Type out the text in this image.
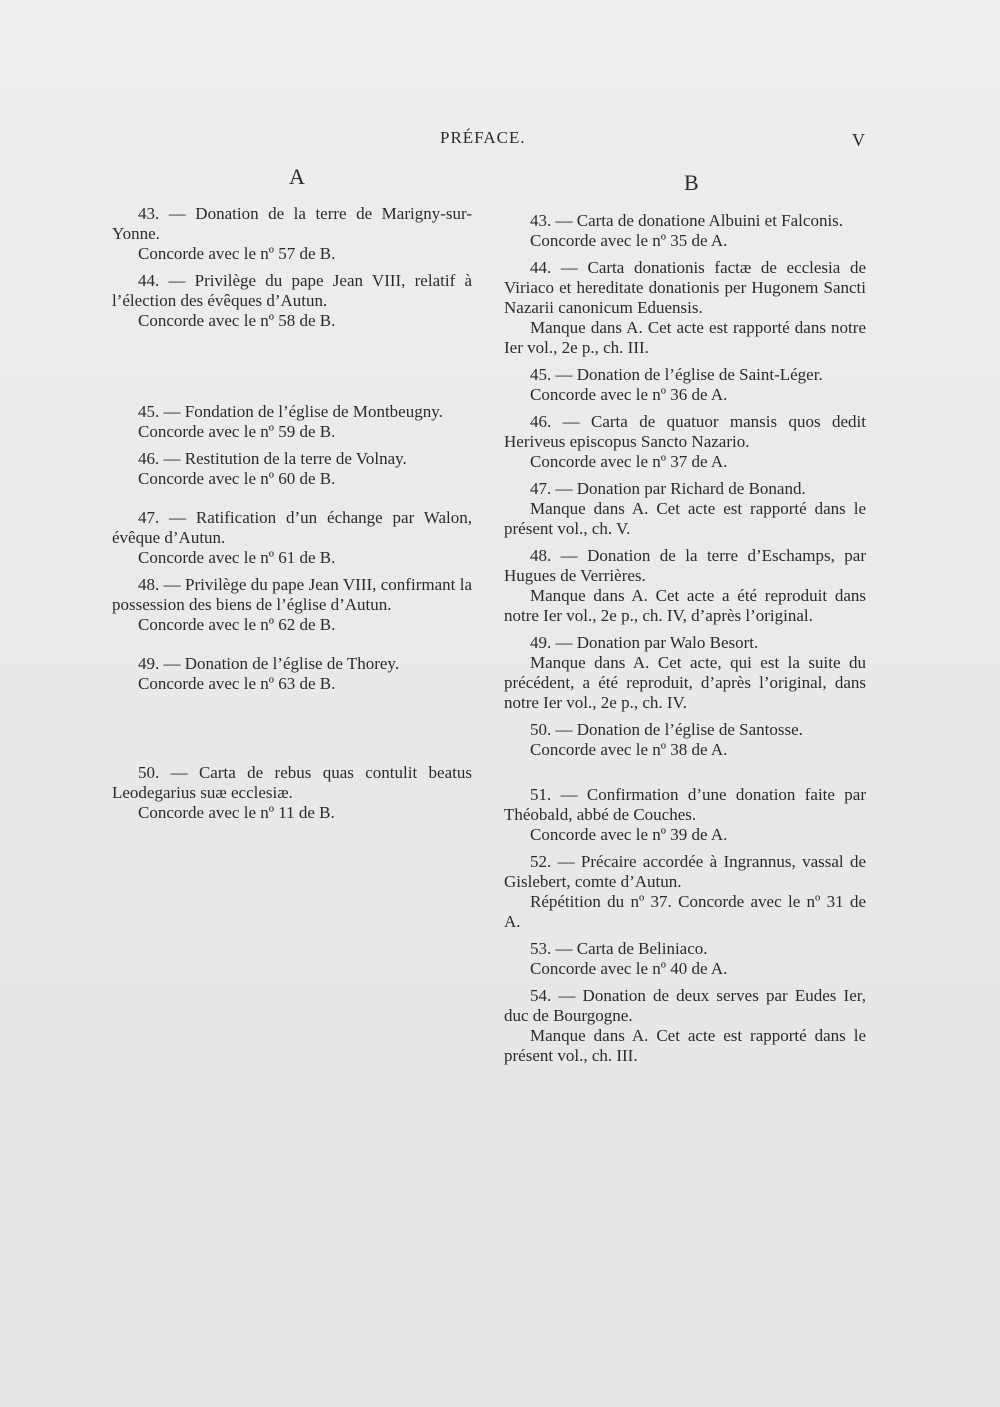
PRÉFACE.	V
A	B

43. — Donation de la terre de Marigny-sur-Yonne.

Concorde avec le nº 57 de B.

44. — Privilège du pape Jean VIII, relatif à l’élection des évêques d’Autun.

Concorde avec le nº 58 de B.

45. — Fondation de l’église de Montbeugny.

Concorde avec le nº 59 de B.

46. — Restitution de la terre de Volnay.

Concorde avec le nº 60 de B.

47. — Ratification d’un échange par Walon, évêque d’Autun.

Concorde avec le nº 61 de B.

48. — Privilège du pape Jean VIII, confirmant la possession des biens de l’église d’Autun.

Concorde avec le nº 62 de B.

49. — Donation de l’église de Thorey.

Concorde avec le nº 63 de B.

50. — Carta de rebus quas contulit beatus Leodegarius suæ ecclesiæ.

Concorde avec le nº 11 de B.

43. — Carta de donatione Albuini et Falconis.

Concorde avec le nº 35 de A.

44. — Carta donationis factæ de ecclesia de Viriaco et hereditate donationis per Hugonem Sancti Nazarii canonicum Eduensis.

Manque dans A. Cet acte est rapporté dans notre Ier vol., 2e p., ch. III.

45. — Donation de l’église de Saint-Léger.

Concorde avec le nº 36 de A.

46. — Carta de quatuor mansis quos dedit Heriveus episcopus Sancto Nazario.

Concorde avec le nº 37 de A.

47. — Donation par Richard de Bonand.

Manque dans A. Cet acte est rapporté dans le présent vol., ch. V.

48. — Donation de la terre d’Eschamps, par Hugues de Verrières.

Manque dans A. Cet acte a été reproduit dans notre Ier vol., 2e p., ch. IV, d’après l’original.

49. — Donation par Walo Besort.

Manque dans A. Cet acte, qui est la suite du précédent, a été reproduit, d’après l’original, dans notre Ier vol., 2e p., ch. IV.

50. — Donation de l’église de Santosse.

Concorde avec le nº 38 de A.

51. — Confirmation d’une donation faite par Théobald, abbé de Couches.

Concorde avec le nº 39 de A.

52. — Précaire accordée à Ingrannus, vassal de Gislebert, comte d’Autun.

Répétition du nº 37. Concorde avec le nº 31 de A.

53. — Carta de Beliniaco.

Concorde avec le nº 40 de A.

54. — Donation de deux serves par Eudes Ier, duc de Bourgogne.

Manque dans A. Cet acte est rapporté dans le présent vol., ch. III.
